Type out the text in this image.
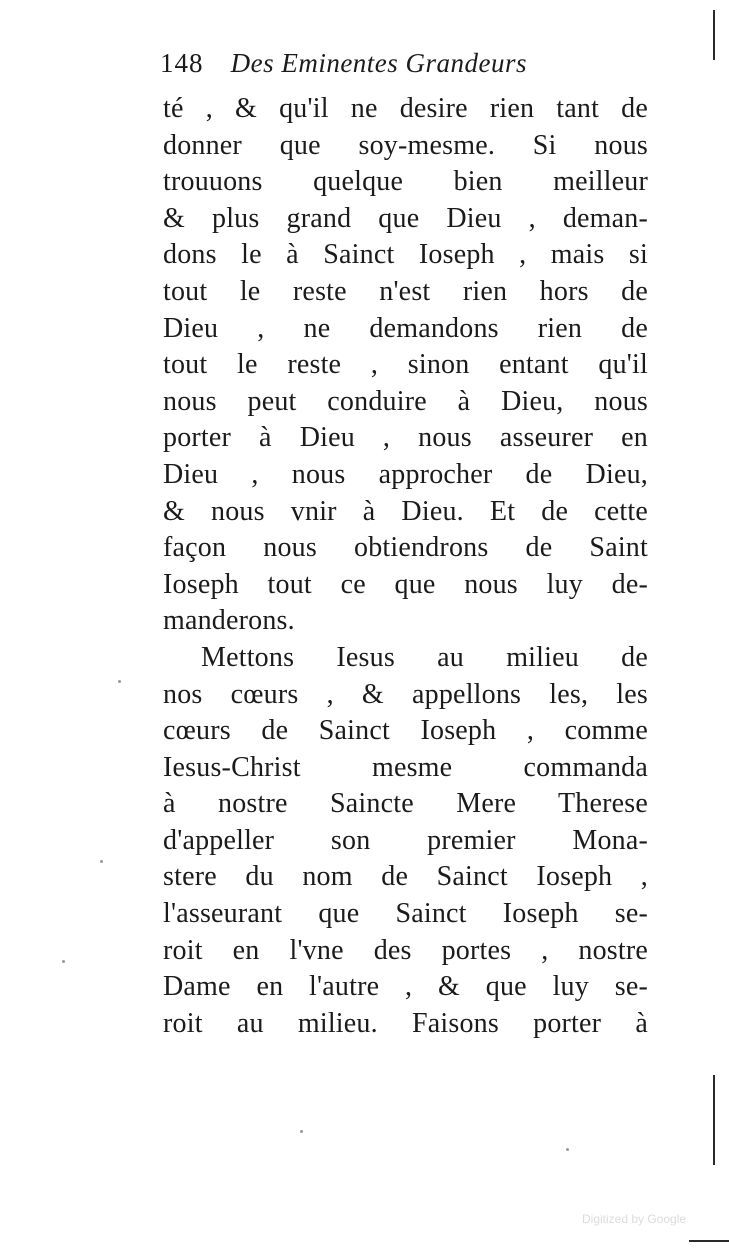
148 Des Eminentes Grandeurs
té , & qu'il ne desire rien tant de
donner que soy-mesme. Si nous
trouuons quelque bien meilleur
& plus grand que Dieu , deman-
dons le à Sainct Ioseph , mais si
tout le reste n'est rien hors de
Dieu , ne demandons rien de
tout le reste , sinon entant qu'il
nous peut conduire à Dieu, nous
porter à Dieu , nous asseurer en
Dieu , nous approcher de Dieu,
& nous vnir à Dieu. Et de cette
façon nous obtiendrons de Saint
Ioseph tout ce que nous luy de-
manderons.
Mettons Iesus au milieu de
nos cœurs , & appellons les, les
cœurs de Sainct Ioseph , comme
Iesus-Christ mesme commanda
à nostre Saincte Mere Therese
d'appeller son premier Mona-
stere du nom de Sainct Ioseph ,
l'asseurant que Sainct Ioseph se-
roit en l'vne des portes , nostre
Dame en l'autre , & que luy se-
roit au milieu. Faisons porter à
Digitized by Google
